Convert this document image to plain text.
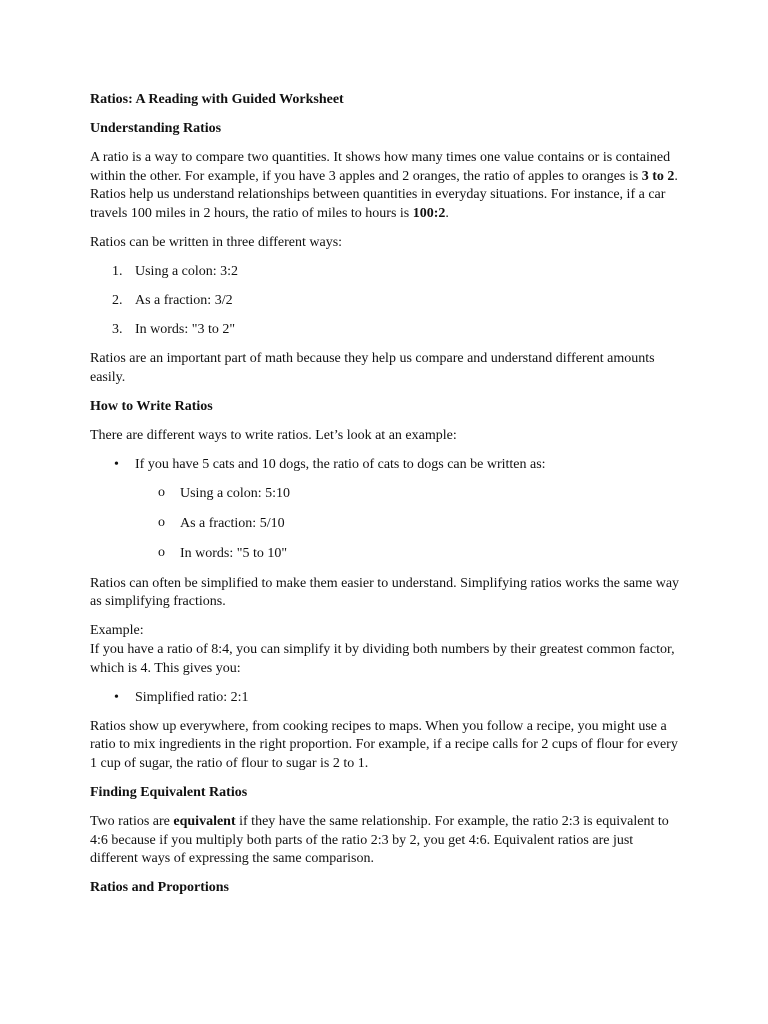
Ratios: A Reading with Guided Worksheet

Understanding Ratios

A ratio is a way to compare two quantities. It shows how many times one value contains or is contained within the other. For example, if you have 3 apples and 2 oranges, the ratio of apples to oranges is 3 to 2. Ratios help us understand relationships between quantities in everyday situations. For instance, if a car travels 100 miles in 2 hours, the ratio of miles to hours is 100:2.

Ratios can be written in three different ways:

1. Using a colon: 3:2
2. As a fraction: 3/2
3. In words: "3 to 2"

Ratios are an important part of math because they help us compare and understand different amounts easily.

How to Write Ratios

There are different ways to write ratios. Let’s look at an example:

• If you have 5 cats and 10 dogs, the ratio of cats to dogs can be written as:
o Using a colon: 5:10
o As a fraction: 5/10
o In words: "5 to 10"

Ratios can often be simplified to make them easier to understand. Simplifying ratios works the same way as simplifying fractions.

Example:
If you have a ratio of 8:4, you can simplify it by dividing both numbers by their greatest common factor, which is 4. This gives you:

• Simplified ratio: 2:1

Ratios show up everywhere, from cooking recipes to maps. When you follow a recipe, you might use a ratio to mix ingredients in the right proportion. For example, if a recipe calls for 2 cups of flour for every 1 cup of sugar, the ratio of flour to sugar is 2 to 1.

Finding Equivalent Ratios

Two ratios are equivalent if they have the same relationship. For example, the ratio 2:3 is equivalent to 4:6 because if you multiply both parts of the ratio 2:3 by 2, you get 4:6. Equivalent ratios are just different ways of expressing the same comparison.

Ratios and Proportions
